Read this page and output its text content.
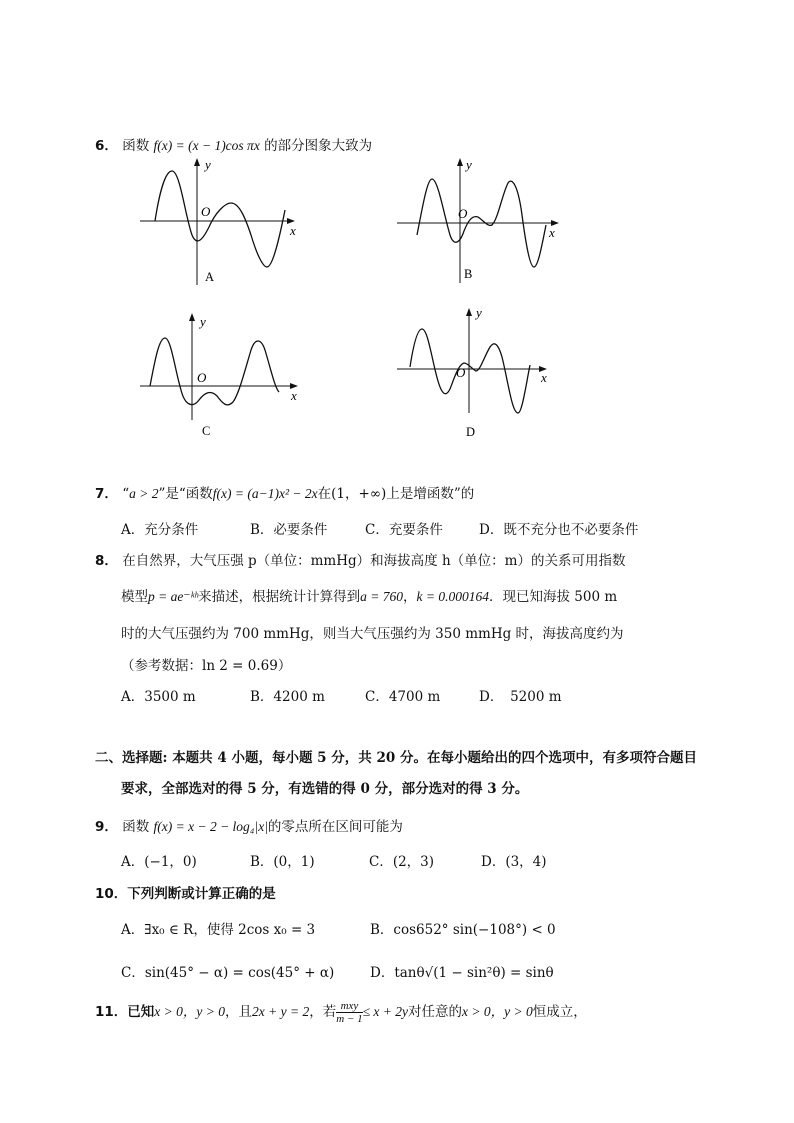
6． 函数 f(x) = (x − 1)cos πx 的部分图象大致为
y
x
O
A
y
x
O
B
y
x
O
C
y
x
O
D
7． “a > 2”是“函数f(x) = (a−1)x² − 2x在(1，+∞)上是增函数”的
A．充分条件	B．必要条件	C．充要条件	D．既不充分也不必要条件
8． 在自然界，大气压强 p（单位：mmHg）和海拔高度 h（单位：m）的关系可用指数
模型p = ae⁻ᵏʰ来描述，根据统计计算得到a = 760，k = 0.000164．现已知海拔 500 m
时的大气压强约为 700 mmHg，则当大气压强约为 350 mmHg 时，海拔高度约为
（参考数据：ln 2 = 0.69）
A．3500 m	B．4200 m	C．4700 m	D．　5200 m
二、选择题: 本题共 4 小题，每小题 5 分，共 20 分。在每小题给出的四个选项中，有多项符合题目
要求，全部选对的得 5 分，有选错的得 0 分，部分选对的得 3 分。
9． 函数 f(x) = x − 2 − log₄|x|的零点所在区间可能为
A．(−1，0)	B．(0，1)	C．(2，3)	D．(3，4)
10．下列判断或计算正确的是
A．∃x₀ ∈ R，使得 2cos x₀ = 3	B．cos652° sin(−108°) < 0
C．sin(45° − α) = cos(45° + α)	D．tanθ√(1 − sin²θ) = sinθ
11．已知x > 0，y > 0，且2x + y = 2，若 $\frac{\text{mxy}}{m - 1} \le x + 2y$对任意的x > 0，y > 0恒成立，
